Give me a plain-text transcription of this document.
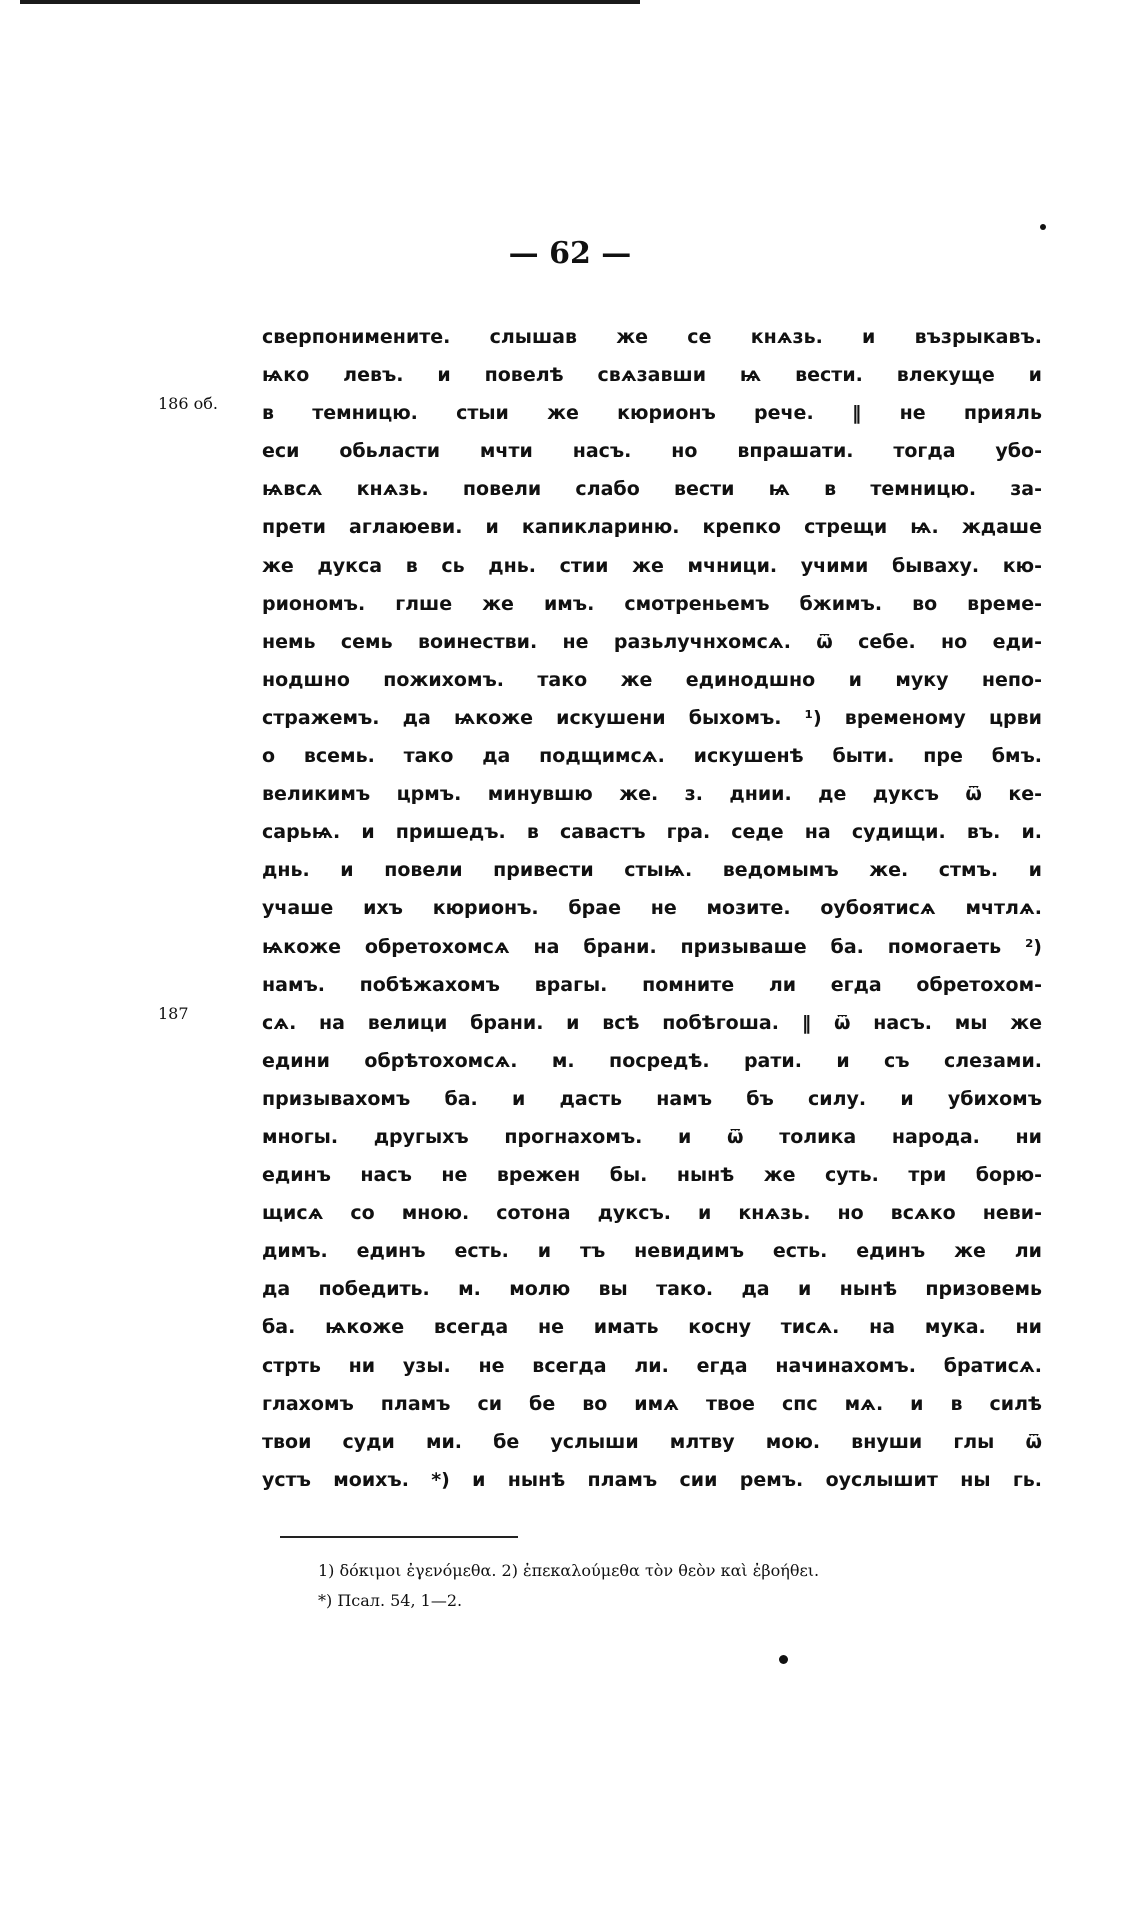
— 62 —
186 об.
187
сверпонимените. слышав же се кнѧзь. и възрыкавъ.
ѩко левъ. и повелѣ свѧзавши ѩ вести. влекуще и
в темницю. стыи же кюрионъ рече. ‖ не прияль
еси обьласти мчти насъ. но впрашати. тогда убо-
ѩвсѧ кнѧзь. повели слабо вести ѩ в темницю. за-
прети аглаюеви. и капиклариню. крепко стрещи ѩ. ждаше
же дукса в сь днь. стии же мчници. учими бываху. кю-
риономъ. глше же имъ. смотреньемъ бжимъ. во време-
немь семь воинестви. не разьлучнхомсѧ. ѿ себе. но еди-
нодшно пожихомъ. тако же единодшно и муку непо-
стражемъ. да ѩкоже искушени быхомъ. ¹) временому црви
о всемь. тако да подщимсѧ. искушенѣ быти. пре бмъ.
великимъ црмъ. минувшю же. з. днии. де дуксъ ѿ ке-
сарьѩ. и пришедъ. в савастъ гра. седе на судищи. въ. и.
днь. и повели привести стыѩ. ведомымъ же. стмъ. и
учаше ихъ кюрионъ. брае не мозите. оубоятисѧ мчтлѧ.
ѩкоже обретохомсѧ на брани. призываше ба. помогаеть ²)
намъ. побѣжахомъ врагы. помните ли егда обретохом-
сѧ. на велици брани. и всѣ побѣгоша. ‖ ѿ насъ. мы же
едини обрѣтохомсѧ. м. посредѣ. рати. и съ слезами.
призывахомъ ба. и дасть намъ бъ силу. и убихомъ
многы. другыхъ прогнахомъ. и ѿ толика народа. ни
единъ насъ не врежен бы. нынѣ же суть. три борю-
щисѧ со мною. сотона дуксъ. и кнѧзь. но всѧко неви-
димъ. единъ есть. и тъ невидимъ есть. единъ же ли
да победить. м. молю вы тако. да и нынѣ призовемь
ба. ѩкоже всегда не имать косну тисѧ. на мука. ни
стрть ни узы. не всегда ли. егда начинахомъ. братисѧ.
глахомъ пламъ си бе во имѧ твое спс мѧ. и в силѣ
твои суди ми. бе услыши млтву мою. внуши глы ѿ
устъ моихъ. *) и нынѣ пламъ сии ремъ. оуслышит ны гь.
1) δόκιμοι ἐγενόμεθα. 2) ἐπεκαλούμεθα τὸν θεὸν καὶ ἐβοήθει.
*) Псал. 54, 1—2.
